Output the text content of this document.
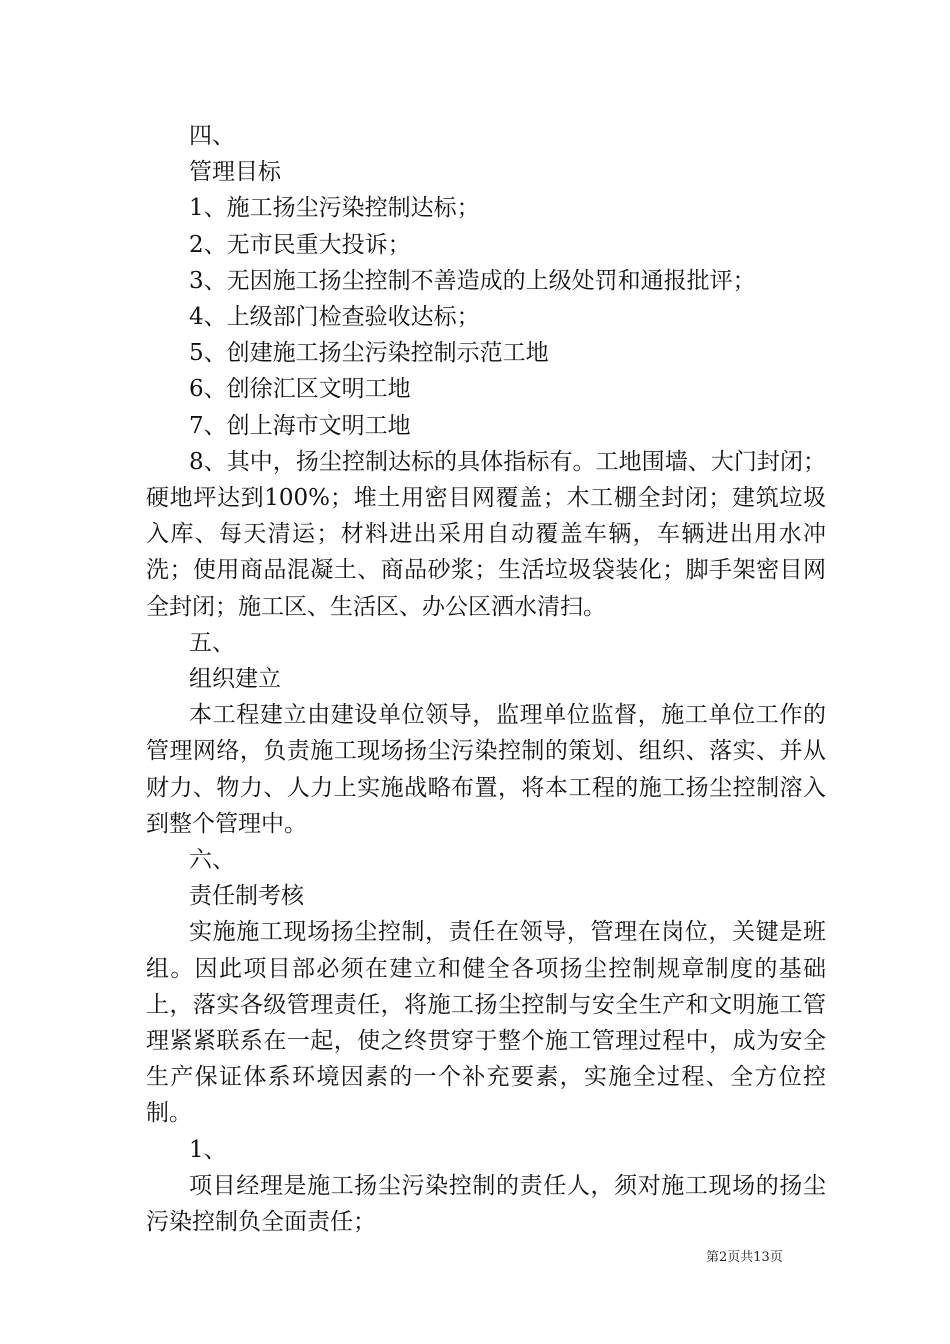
四、
管理目标
1、施工扬尘污染控制达标；
2、无市民重大投诉；
3、无因施工扬尘控制不善造成的上级处罚和通报批评；
4、上级部门检查验收达标；
5、创建施工扬尘污染控制示范工地
6、创徐汇区文明工地
7、创上海市文明工地
8、其中，扬尘控制达标的具体指标有。工地围墙、大门封闭；硬地坪达到100%；堆土用密目网覆盖；木工棚全封闭；建筑垃圾入库、每天清运；材料进出采用自动覆盖车辆，车辆进出用水冲洗；使用商品混凝土、商品砂浆；生活垃圾袋装化；脚手架密目网全封闭；施工区、生活区、办公区洒水清扫。
五、
组织建立
本工程建立由建设单位领导，监理单位监督，施工单位工作的管理网络，负责施工现场扬尘污染控制的策划、组织、落实、并从财力、物力、人力上实施战略布置，将本工程的施工扬尘控制溶入到整个管理中。
六、
责任制考核
实施施工现场扬尘控制，责任在领导，管理在岗位，关键是班组。因此项目部必须在建立和健全各项扬尘控制规章制度的基础上，落实各级管理责任，将施工扬尘控制与安全生产和文明施工管理紧紧联系在一起，使之终贯穿于整个施工管理过程中，成为安全生产保证体系环境因素的一个补充要素，实施全过程、全方位控制。
1、
项目经理是施工扬尘污染控制的责任人，须对施工现场的扬尘污染控制负全面责任；
第2页共13页
